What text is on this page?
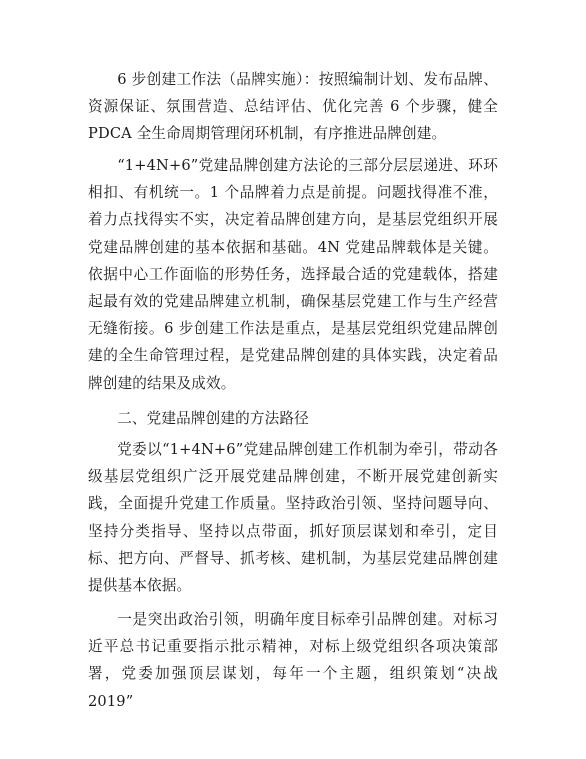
6 步创建工作法（品牌实施）：按照编制计划、发布品牌、资源保证、氛围营造、总结评估、优化完善 6 个步骤，健全 PDCA 全生命周期管理闭环机制，有序推进品牌创建。

“1+4N+6”党建品牌创建方法论的三部分层层递进、环环相扣、有机统一。1 个品牌着力点是前提。问题找得准不准，着力点找得实不实，决定着品牌创建方向，是基层党组织开展党建品牌创建的基本依据和基础。4N 党建品牌载体是关键。依据中心工作面临的形势任务，选择最合适的党建载体，搭建起最有效的党建品牌建立机制，确保基层党建工作与生产经营无缝衔接。6 步创建工作法是重点，是基层党组织党建品牌创建的全生命管理过程，是党建品牌创建的具体实践，决定着品牌创建的结果及成效。

二、党建品牌创建的方法路径

党委以“1+4N+6”党建品牌创建工作机制为牵引，带动各级基层党组织广泛开展党建品牌创建，不断开展党建创新实践，全面提升党建工作质量。坚持政治引领、坚持问题导向、坚持分类指导、坚持以点带面，抓好顶层谋划和牵引，定目标、把方向、严督导、抓考核、建机制，为基层党建品牌创建提供基本依据。

一是突出政治引领，明确年度目标牵引品牌创建。对标习近平总书记重要指示批示精神，对标上级党组织各项决策部署，党委加强顶层谋划，每年一个主题，组织策划“决战 2019”
